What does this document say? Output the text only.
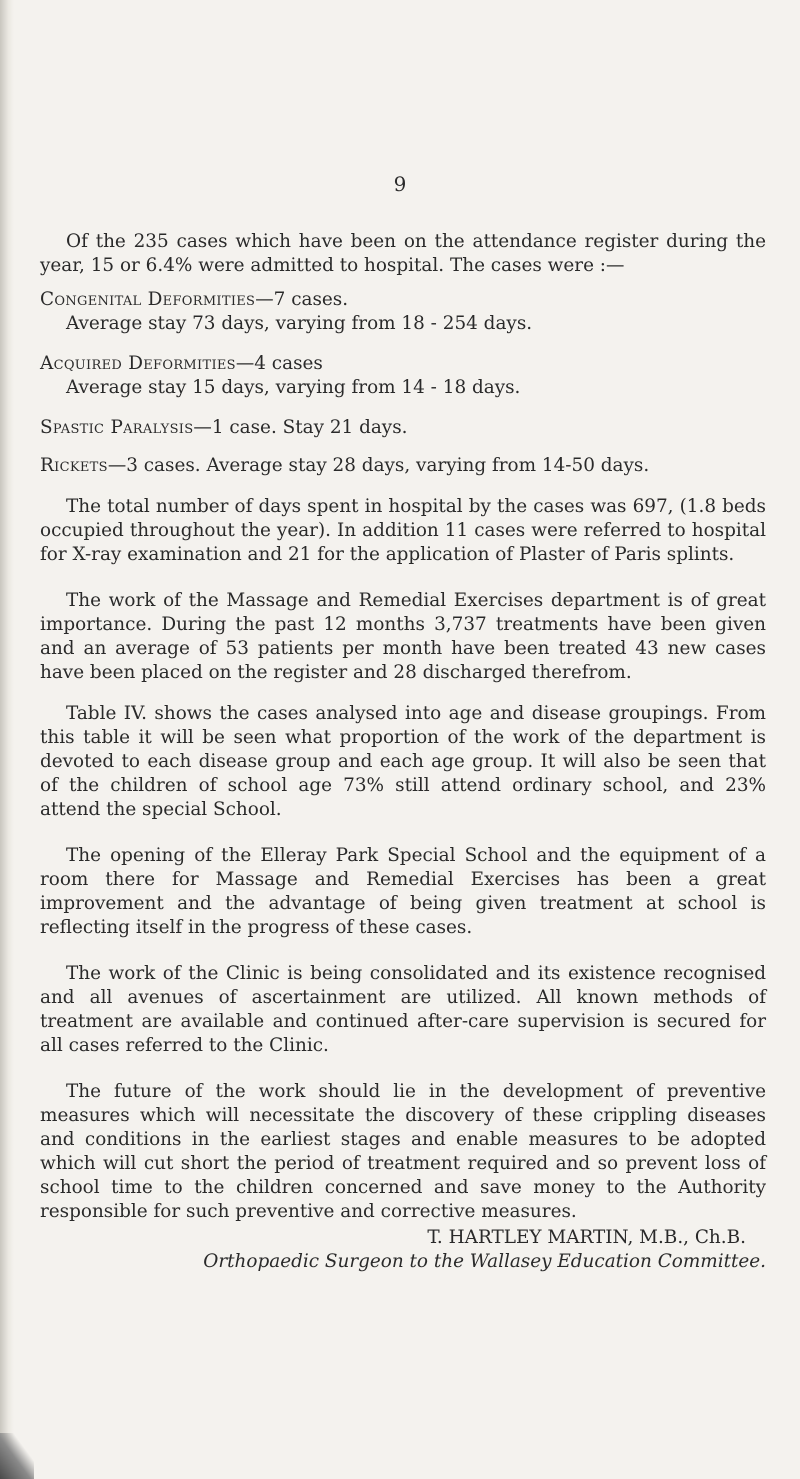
9

Of the 235 cases which have been on the attendance register during the year, 15 or 6.4% were admitted to hospital. The cases were :—

Congenital Deformities—7 cases.

Average stay 73 days, varying from 18 - 254 days.

Acquired Deformities—4 cases

Average stay 15 days, varying from 14 - 18 days.

Spastic Paralysis—1 case. Stay 21 days.

Rickets—3 cases. Average stay 28 days, varying from 14-50 days.

The total number of days spent in hospital by the cases was 697, (1.8 beds occupied throughout the year). In addition 11 cases were referred to hospital for X-ray examination and 21 for the application of Plaster of Paris splints.

The work of the Massage and Remedial Exercises department is of great importance. During the past 12 months 3,737 treatments have been given and an average of 53 patients per month have been treated 43 new cases have been placed on the register and 28 discharged therefrom.

Table IV. shows the cases analysed into age and disease groupings. From this table it will be seen what proportion of the work of the department is devoted to each disease group and each age group. It will also be seen that of the children of school age 73% still attend ordinary school, and 23% attend the special School.

The opening of the Elleray Park Special School and the equipment of a room there for Massage and Remedial Exercises has been a great improvement and the advantage of being given treatment at school is reflecting itself in the progress of these cases.

The work of the Clinic is being consolidated and its existence recognised and all avenues of ascertainment are utilized. All known methods of treatment are available and continued after-care supervision is secured for all cases referred to the Clinic.

The future of the work should lie in the development of preventive measures which will necessitate the discovery of these crippling diseases and conditions in the earliest stages and enable measures to be adopted which will cut short the period of treatment required and so prevent loss of school time to the children concerned and save money to the Authority responsible for such preventive and corrective measures.

T. HARTLEY MARTIN, M.B., Ch.B.

Orthopaedic Surgeon to the Wallasey Education Committee.
